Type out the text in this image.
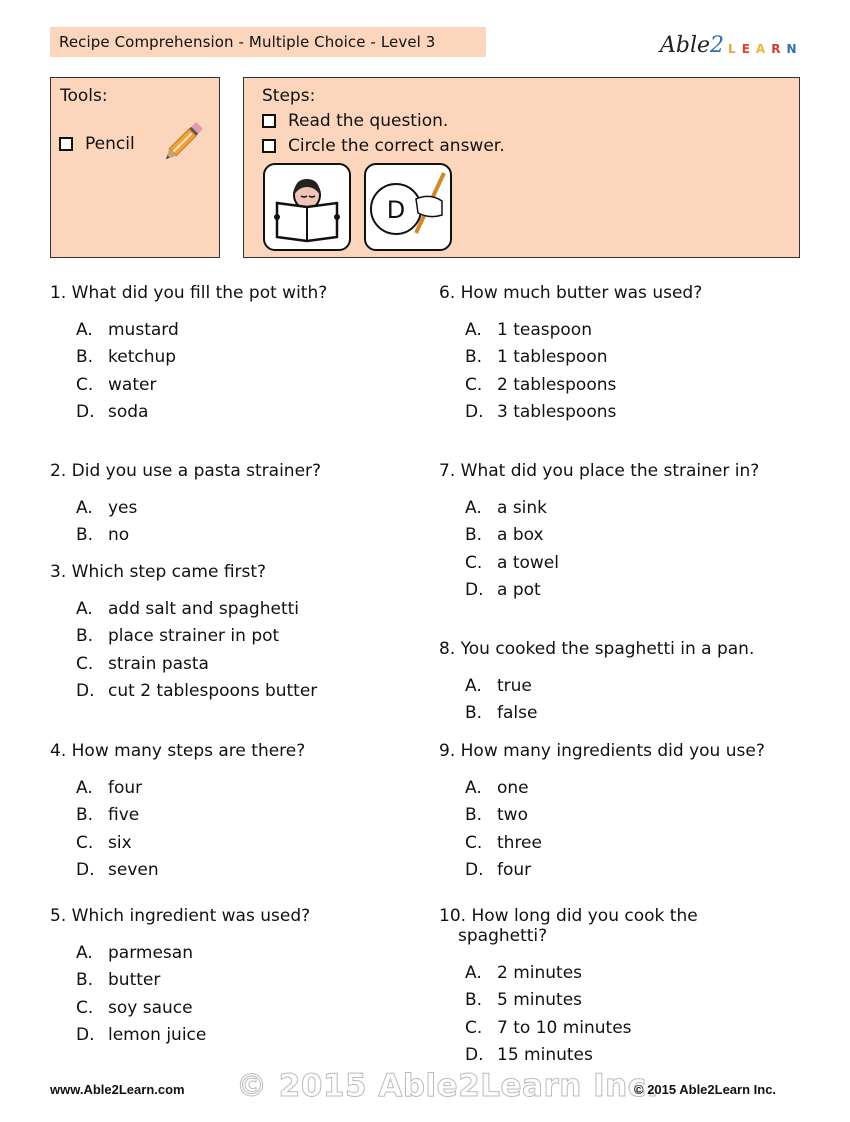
Recipe Comprehension - Multiple Choice - Level 3	Able 2 L E A R N
Tools:
Pencil
Steps:
Read the question.
Circle the correct answer.
D

1. What did you fill the pot with?

A. mustard
B. ketchup
C. water
D. soda

2. Did you use a pasta strainer?

A. yes
B. no

3. Which step came first?

A. add salt and spaghetti
B. place strainer in pot
C. strain pasta
D. cut 2 tablespoons butter

4. How many steps are there?

A. four
B. five
C. six
D. seven

5. Which ingredient was used?

A. parmesan
B. butter
C. soy sauce
D. lemon juice

6. How much butter was used?

A. 1 teaspoon
B. 1 tablespoon
C. 2 tablespoons
D. 3 tablespoons

7. What did you place the strainer in?

A. a sink
B. a box
C. a towel
D. a pot

8. You cooked the spaghetti in a pan.

A. true
B. false

9. How many ingredients did you use?

A. one
B. two
C. three
D. four

10. How long did you cook the

spaghetti?

A. 2 minutes
B. 5 minutes
C. 7 to 10 minutes
D. 15 minutes
www.Able2Learn.com © 2015 Able2Learn Inc.
© 2015 Able2Learn Inc.
